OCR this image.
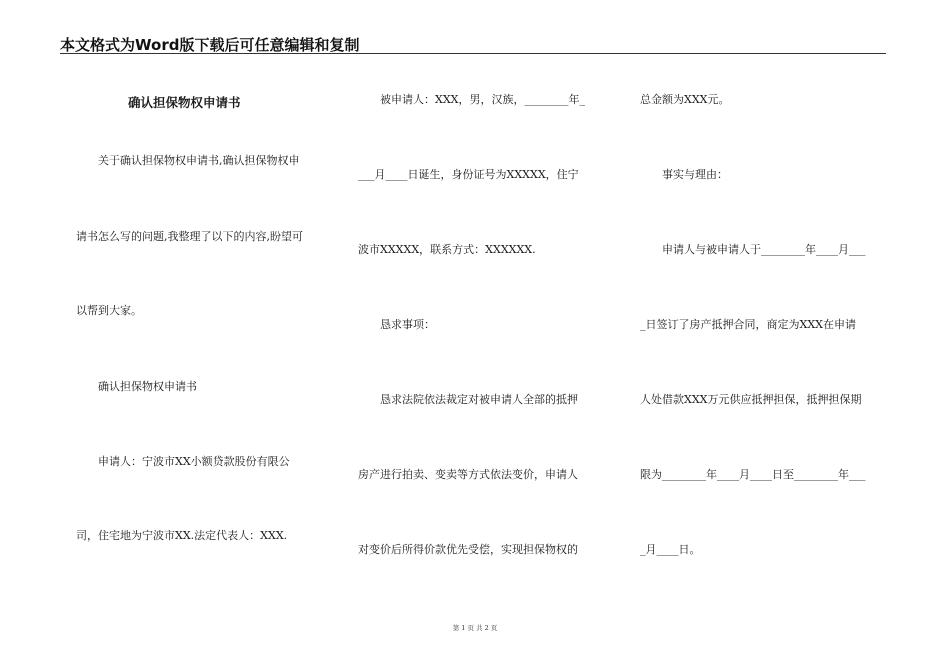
本文格式为Word版下载后可任意编辑和复制
确认担保物权申请书
关于确认担保物权申请书,确认担保物权申
请书怎么写的问题,我整理了以下的内容,盼望可
以帮到大家。
确认担保物权申请书
申请人：宁波市XX小额贷款股份有限公
司，住宅地为宁波市XX.法定代表人：XXX.
被申请人：XXX，男，汉族，________年_
___月____日诞生，身份证号为XXXXX，住宁
波市XXXXX，联系方式：XXXXXX.
恳求事项：
恳求法院依法裁定对被申请人全部的抵押
房产进行拍卖、变卖等方式依法变价，申请人
对变价后所得价款优先受偿，实现担保物权的
总金额为XXX元。
事实与理由：
申请人与被申请人于________年____月___
_日签订了房产抵押合同，商定为XXX在申请
人处借款XXX万元供应抵押担保，抵押担保期
限为________年____月____日至________年___
_月____日。
第 1 页 共 2 页
